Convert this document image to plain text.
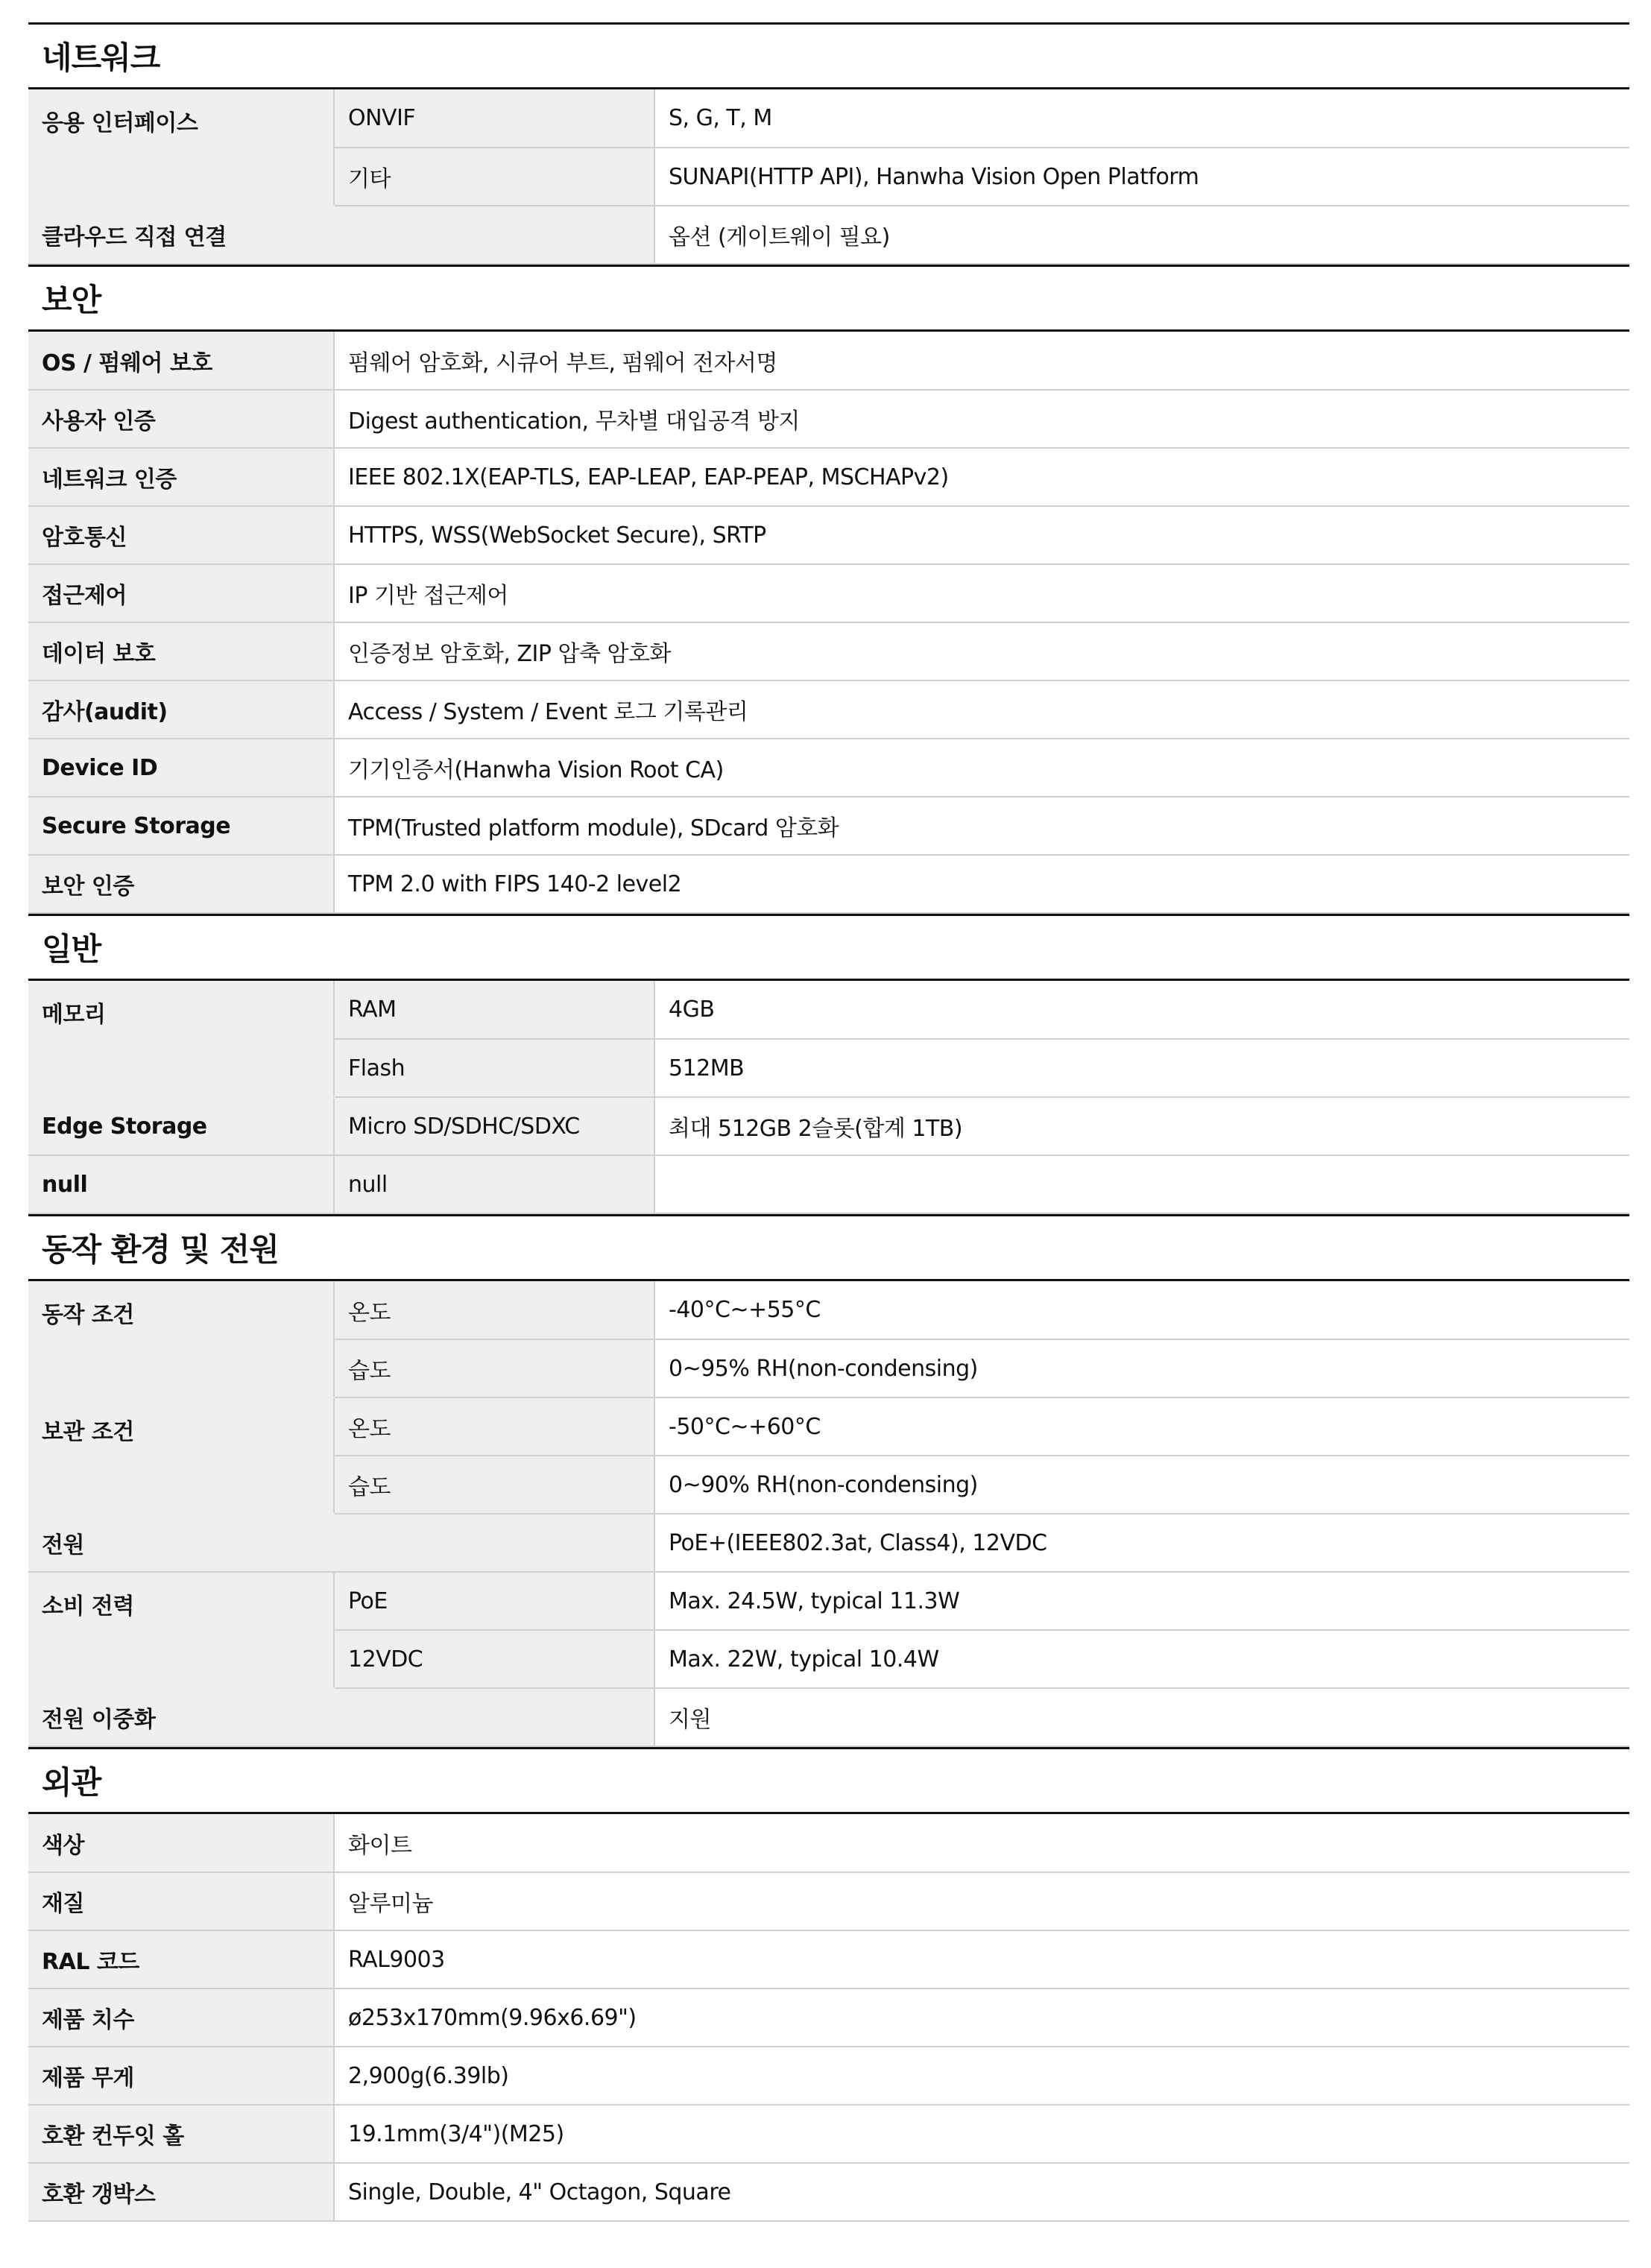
네트워크
응용 인터페이스	ONVIF	S, G, T, M
	기타	SUNAPI(HTTP API), Hanwha Vision Open Platform
클라우드 직접 연결		옵션 (게이트웨이 필요)
보안
OS / 펌웨어 보호	펌웨어 암호화, 시큐어 부트, 펌웨어 전자서명
사용자 인증	Digest authentication, 무차별 대입공격 방지
네트워크 인증	IEEE 802.1X(EAP-TLS, EAP-LEAP, EAP-PEAP, MSCHAPv2)
암호통신	HTTPS, WSS(WebSocket Secure), SRTP
접근제어	IP 기반 접근제어
데이터 보호	인증정보 암호화, ZIP 압축 암호화
감사(audit)	Access / System / Event 로그 기록관리
Device ID	기기인증서(Hanwha Vision Root CA)
Secure Storage	TPM(Trusted platform module), SDcard 암호화
보안 인증	TPM 2.0 with FIPS 140-2 level2
일반
메모리	RAM	4GB
	Flash	512MB
Edge Storage	Micro SD/SDHC/SDXC	최대 512GB 2슬롯(합계 1TB)
null	null	
동작 환경 및 전원
동작 조건	온도	-40°C~+55°C
	습도	0~95% RH(non-condensing)
보관 조건	온도	-50°C~+60°C
	습도	0~90% RH(non-condensing)
전원		PoE+(IEEE802.3at, Class4), 12VDC
소비 전력	PoE	Max. 24.5W, typical 11.3W
	12VDC	Max. 22W, typical 10.4W
전원 이중화		지원
외관
색상	화이트
재질	알루미늄
RAL 코드	RAL9003
제품 치수	ø253x170mm(9.96x6.69")
제품 무게	2,900g(6.39lb)
호환 컨두잇 홀	19.1mm(3/4")(M25)
호환 갱박스	Single, Double, 4" Octagon, Square
